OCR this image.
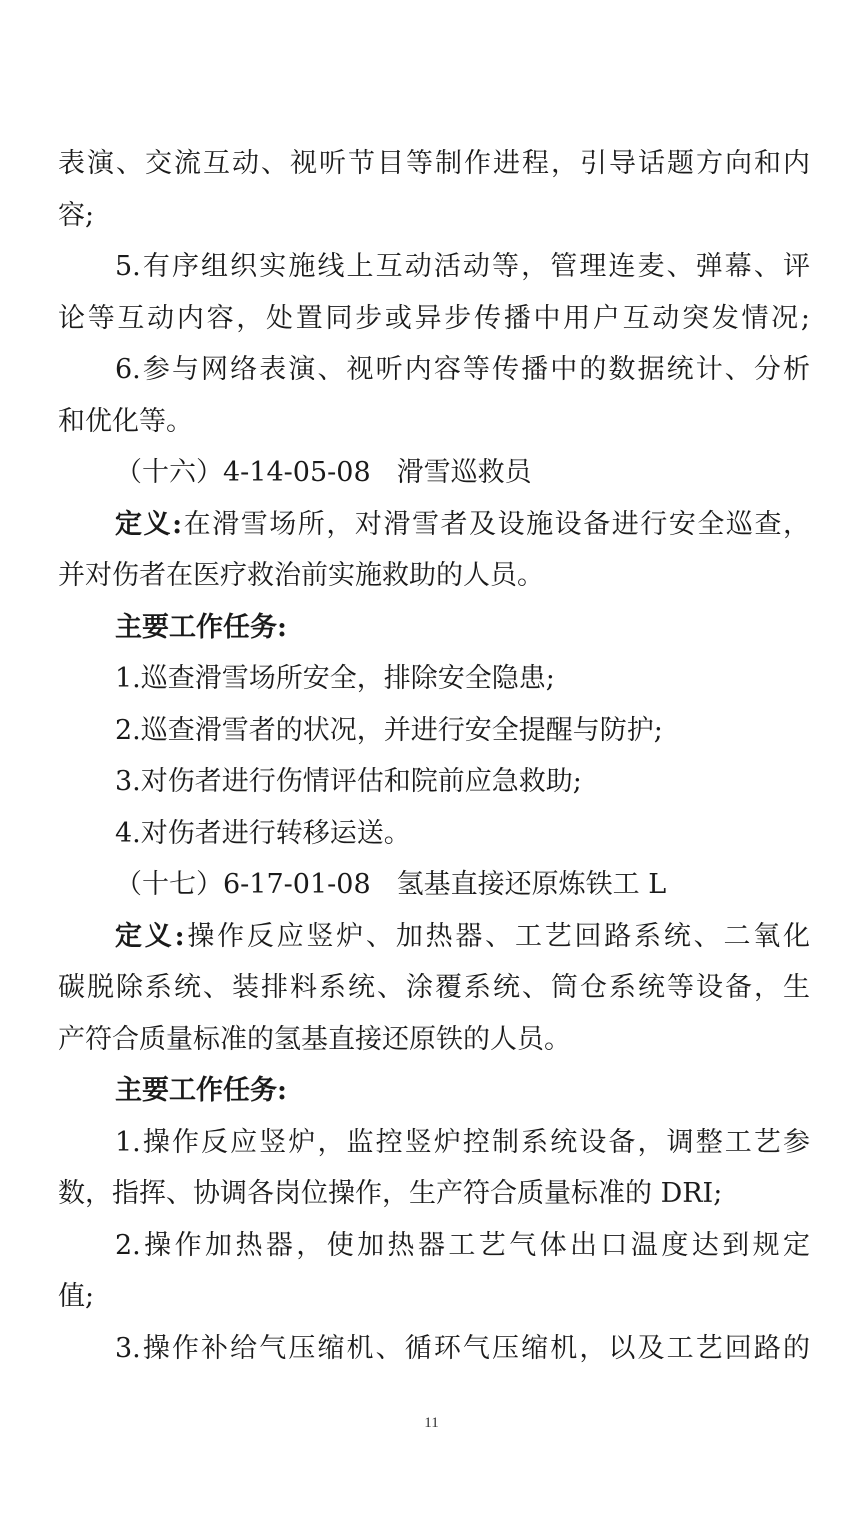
表演、交流互动、视听节目等制作进程，引导话题方向和内
容;
5.有序组织实施线上互动活动等，管理连麦、弹幕、评
论等互动内容，处置同步或异步传播中用户互动突发情况;
6.参与网络表演、视听内容等传播中的数据统计、分析
和优化等。
（十六）4-14-05-08 滑雪巡救员
定义:在滑雪场所，对滑雪者及设施设备进行安全巡查，
并对伤者在医疗救治前实施救助的人员。
主要工作任务:
1.巡查滑雪场所安全，排除安全隐患;
2.巡查滑雪者的状况，并进行安全提醒与防护;
3.对伤者进行伤情评估和院前应急救助;
4.对伤者进行转移运送。
（十七）6-17-01-08 氢基直接还原炼铁工 L
定义:操作反应竖炉、加热器、工艺回路系统、二氧化
碳脱除系统、装排料系统、涂覆系统、筒仓系统等设备，生
产符合质量标准的氢基直接还原铁的人员。
主要工作任务:
1.操作反应竖炉，监控竖炉控制系统设备，调整工艺参
数，指挥、协调各岗位操作，生产符合质量标准的 DRI;
2.操作加热器，使加热器工艺气体出口温度达到规定
值;
3.操作补给气压缩机、循环气压缩机，以及工艺回路的
11
